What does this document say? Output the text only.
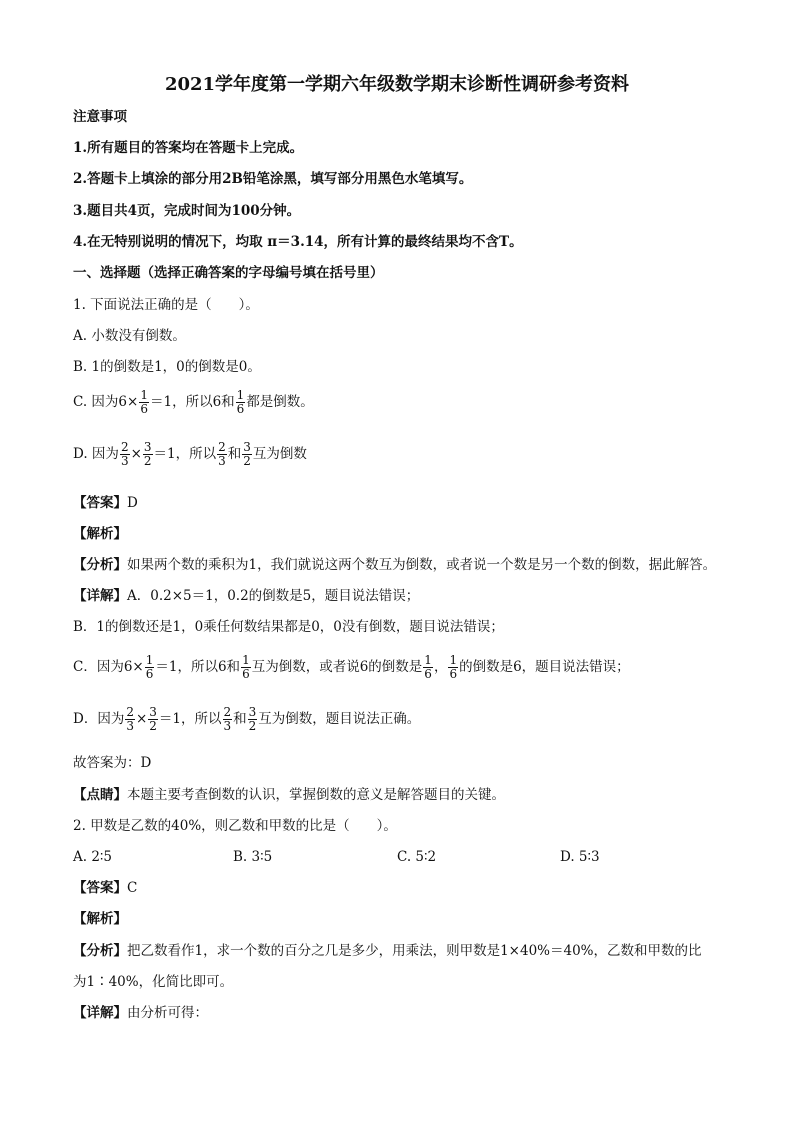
2021学年度第一学期六年级数学期末诊断性调研参考资料
注意事项
1.所有题目的答案均在答题卡上完成。
2.答题卡上填涂的部分用2B铅笔涂黑，填写部分用黑色水笔填写。
3.题目共4页，完成时间为100分钟。
4.在无特别说明的情况下，均取 π＝3.14，所有计算的最终结果均不含T。
一、选择题（选择正确答案的字母编号填在括号里）
1. 下面说法正确的是（　　）。
A. 小数没有倒数。
B. 1的倒数是1，0的倒数是0。
C. 因为$6\times \frac{1}{6} =1$，所以6和 $\frac{1}{6}$ 都是倒数。
D. 因为 $\frac{2}{3} \times \frac{3}{2} =1$，所以 $\frac{2}{3}$ 和 $\frac{3}{2}$ 互为倒数
【答案】D
【解析】
【分析】如果两个数的乘积为1，我们就说这两个数互为倒数，或者说一个数是另一个数的倒数，据此解答。
【详解】A．0.2×5＝1，0.2的倒数是5，题目说法错误；
B．1的倒数还是1，0乘任何数结果都是0，0没有倒数，题目说法错误；
C．因为$6\times \frac{1}{6} =1$，所以6和 $\frac{1}{6}$ 互为倒数，或者说6的倒数是 $\frac{1}{6}$ ， $\frac{1}{6}$ 的倒数是6，题目说法错误；
D．因为 $\frac{2}{3} \times \frac{3}{2} =1$，所以 $\frac{2}{3}$ 和 $\frac{3}{2}$ 互为倒数，题目说法正确。
故答案为：D
【点睛】本题主要考查倒数的认识，掌握倒数的意义是解答题目的关键。
2. 甲数是乙数的40%，则乙数和甲数的比是（　　）。
A. 2∶5	B. 3∶5	C. 5∶2	D. 5∶3
【答案】C
【解析】
【分析】把乙数看作1，求一个数的百分之几是多少，用乘法，则甲数是1×40%＝40%，乙数和甲数的比
为1∶40%，化简比即可。
【详解】由分析可得：
